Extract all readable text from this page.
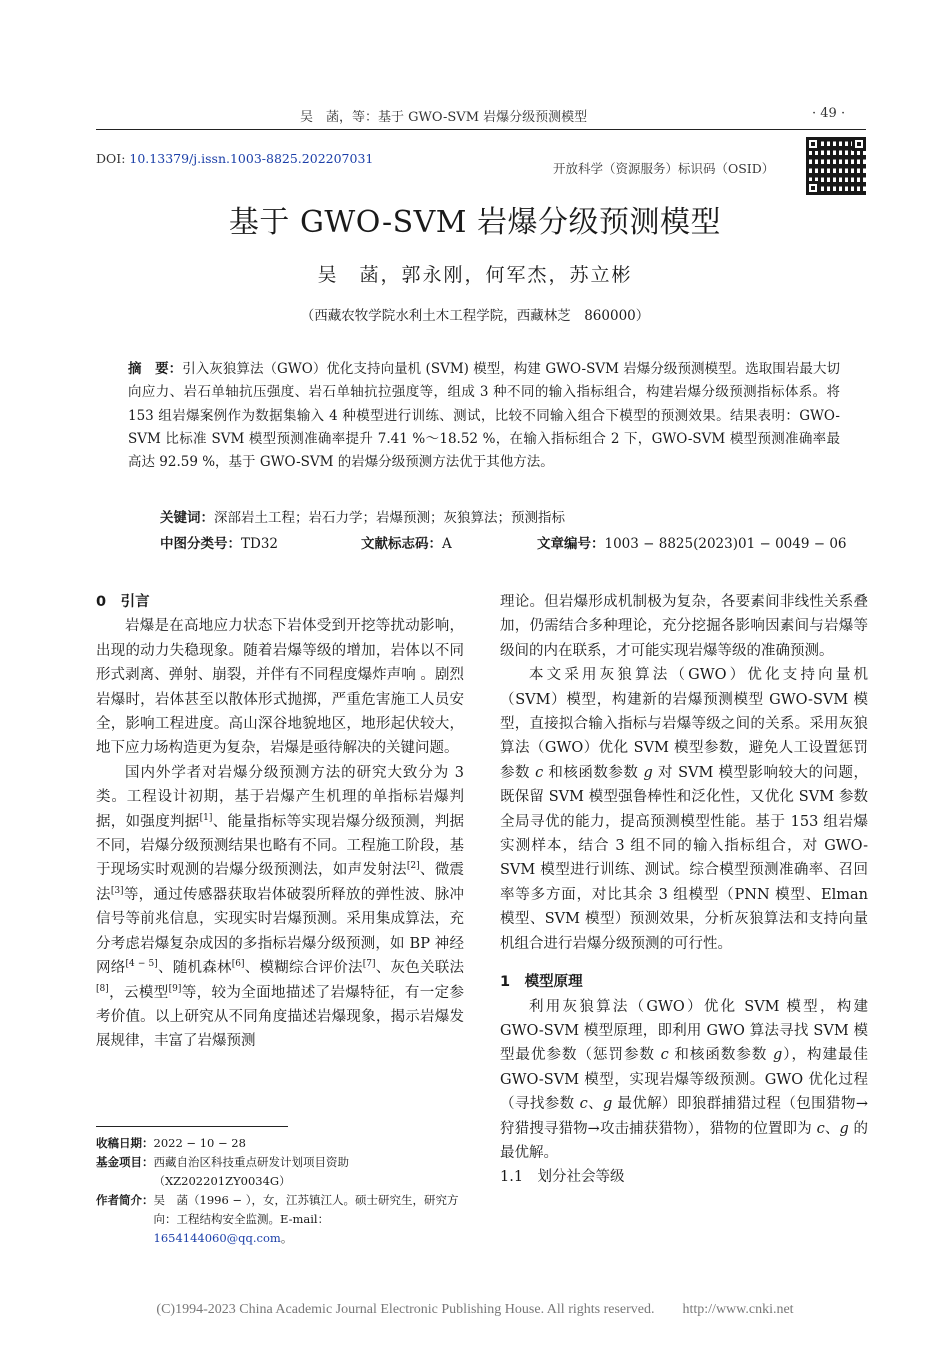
吴　菡，等：基于 GWO-SVM 岩爆分级预测模型	· 49 ·
DOI: 10.13379/j.issn.1003-8825.202207031
开放科学（资源服务）标识码（OSID）
基于 GWO-SVM 岩爆分级预测模型
吴　菡，郭永刚，何军杰，苏立彬
（西藏农牧学院水利土木工程学院，西藏林芝　860000）
摘　要：引入灰狼算法（GWO）优化支持向量机 (SVM) 模型，构建 GWO-SVM 岩爆分级预测模型。选取围岩最大切向应力、岩石单轴抗压强度、岩石单轴抗拉强度等，组成 3 种不同的输入指标组合，构建岩爆分级预测指标体系。将 153 组岩爆案例作为数据集输入 4 种模型进行训练、测试，比较不同输入组合下模型的预测效果。结果表明：GWO-SVM 比标准 SVM 模型预测准确率提升 7.41 %～18.52 %，在输入指标组合 2 下，GWO-SVM 模型预测准确率最高达 92.59 %，基于 GWO-SVM 的岩爆分级预测方法优于其他方法。
关键词：深部岩土工程；岩石力学；岩爆预测；灰狼算法；预测指标
中图分类号：TD32	文献标志码：A	文章编号：1003 − 8825(2023)01 − 0049 − 06
0　引言

岩爆是在高地应力状态下岩体受到开挖等扰动影响，出现的动力失稳现象。随着岩爆等级的增加，岩体以不同形式剥离、弹射、崩裂，并伴有不同程度爆炸声响 。剧烈岩爆时，岩体甚至以散体形式抛掷，严重危害施工人员安全，影响工程进度。高山深谷地貌地区，地形起伏较大，地下应力场构造更为复杂，岩爆是亟待解决的关键问题。

国内外学者对岩爆分级预测方法的研究大致分为 3 类。工程设计初期，基于岩爆产生机理的单指标岩爆判据，如强度判据[1]、能量指标等实现岩爆分级预测，判据不同，岩爆分级预测结果也略有不同。工程施工阶段，基于现场实时观测的岩爆分级预测法，如声发射法[2]、微震法[3]等，通过传感器获取岩体破裂所释放的弹性波、脉冲信号等前兆信息，实现实时岩爆预测。采用集成算法，充分考虑岩爆复杂成因的多指标岩爆分级预测，如 BP 神经网络[4 − 5]、随机森林[6]、模糊综合评价法[7]、灰色关联法[8]，云模型[9]等，较为全面地描述了岩爆特征，有一定参考价值。以上研究从不同角度描述岩爆现象，揭示岩爆发展规律，丰富了岩爆预测

理论。但岩爆形成机制极为复杂，各要素间非线性关系叠加，仍需结合多种理论，充分挖掘各影响因素间与岩爆等级间的内在联系，才可能实现岩爆等级的准确预测。

本文采用灰狼算法（GWO）优化支持向量机（SVM）模型，构建新的岩爆预测模型 GWO-SVM 模型，直接拟合输入指标与岩爆等级之间的关系。采用灰狼算法（GWO）优化 SVM 模型参数，避免人工设置惩罚参数 c 和核函数参数 g 对 SVM 模型影响较大的问题，既保留 SVM 模型强鲁棒性和泛化性，又优化 SVM 参数全局寻优的能力，提高预测模型性能。基于 153 组岩爆实测样本，结合 3 组不同的输入指标组合，对 GWO-SVM 模型进行训练、测试。综合模型预测准确率、召回率等多方面，对比其余 3 组模型（PNN 模型、Elman 模型、SVM 模型）预测效果，分析灰狼算法和支持向量机组合进行岩爆分级预测的可行性。

1　模型原理

利用灰狼算法（GWO）优化 SVM 模型，构建 GWO-SVM 模型原理，即利用 GWO 算法寻找 SVM 模型最优参数（惩罚参数 c 和核函数参数 g），构建最佳 GWO-SVM 模型，实现岩爆等级预测。GWO 优化过程（寻找参数 c、g 最优解）即狼群捕猎过程（包围猎物→狩猎搜寻猎物→攻击捕获猎物），猎物的位置即为 c、g 的最优解。

1.1　划分社会等级
收稿日期： 2022 − 10 − 28
基金项目： 西藏自治区科技重点研发计划项目资助（XZ202201ZY0034G）
作者简介： 吴　菡（1996 − ），女，江苏镇江人。硕士研究生，研究方向：工程结构安全监测。E-mail：1654144060@qq.com。
(C)1994-2023 China Academic Journal Electronic Publishing House. All rights reserved.　　http://www.cnki.net
